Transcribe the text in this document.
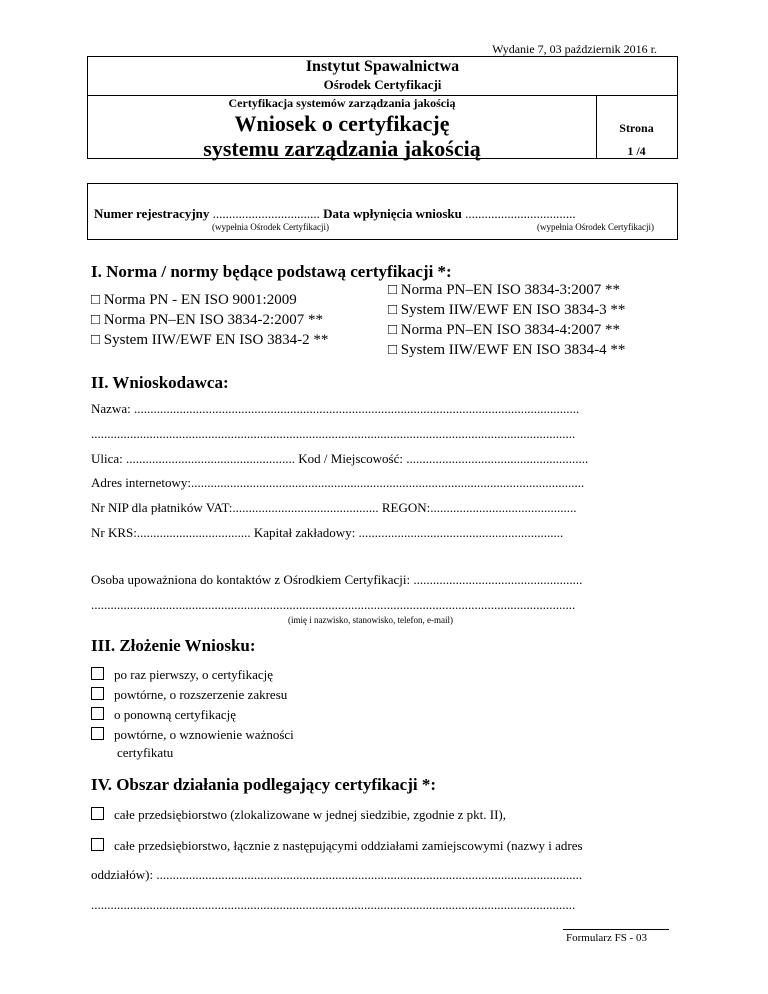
Wydanie 7, 03 październik 2016 r.
Instytut Spawalnictwa
Ośrodek Certyfikacji
Certyfikacja systemów zarządzania jakością
Wniosek o certyfikację
systemu zarządzania jakością
Strona
1 /4
Numer rejestracyjny ................................. Data wpłynięcia wniosku ..................................
(wypełnia Ośrodek Certyfikacji)	(wypełnia Ośrodek Certyfikacji)
I. Norma / normy będące podstawą certyfikacji *:
□ Norma PN - EN ISO 9001:2009
□ Norma PN–EN ISO 3834-2:2007 **
□ System IIW/EWF EN ISO 3834-2 **
□ Norma PN–EN ISO 3834-3:2007 **
□ System IIW/EWF EN ISO 3834-3 **
□ Norma PN–EN ISO 3834-4:2007 **
□ System IIW/EWF EN ISO 3834-4 **
II. Wnioskodawca:
Nazwa: .........................................................................................................................................
.....................................................................................................................................................
Ulica: .................................................... Kod / Miejscowość: ........................................................
Adres internetowy:.........................................................................................................................
Nr NIP dla płatników VAT:............................................. REGON:.............................................
Nr KRS:................................... Kapitał zakładowy: ...............................................................
Osoba upoważniona do kontaktów z Ośrodkiem Certyfikacji: ....................................................
.....................................................................................................................................................
(imię i nazwisko, stanowisko, telefon, e-mail)
III. Złożenie Wniosku:
po raz pierwszy, o certyfikację
powtórne, o rozszerzenie zakresu
o ponowną certyfikację
powtórne, o wznowienie ważności
certyfikatu
IV. Obszar działania podlegający certyfikacji *:
całe przedsiębiorstwo (zlokalizowane w jednej siedzibie, zgodnie z pkt. II),
całe przedsiębiorstwo, łącznie z następującymi oddziałami zamiejscowymi (nazwy i adres
oddziałów): ...................................................................................................................................
.....................................................................................................................................................
Formularz FS - 03
